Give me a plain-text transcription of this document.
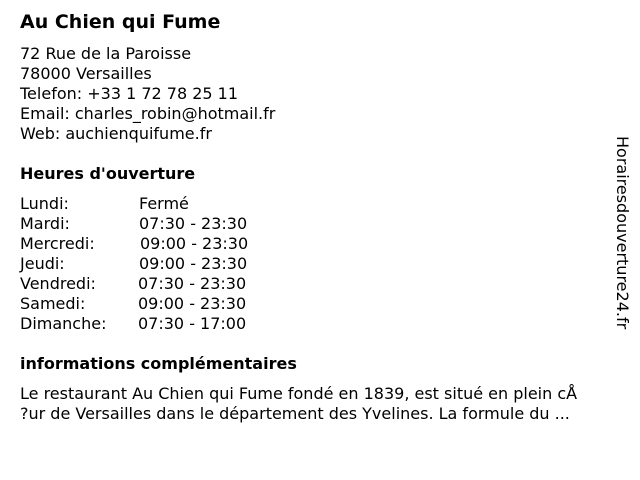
Au Chien qui Fume
72 Rue de la Paroisse
78000 Versailles
Telefon: +33 1 72 78 25 11
Email: charles_robin@hotmail.fr
Web: auchienquifume.fr
Heures d'ouverture
Lundi:	Fermé
Mardi:	07:30 - 23:30
Mercredi:	09:00 - 23:30
Jeudi:	09:00 - 23:30
Vendredi:	07:30 - 23:30
Samedi:	09:00 - 23:30
Dimanche: 07:30 - 17:00
informations complémentaires
Le restaurant Au Chien qui Fume fondé en 1839, est situé en plein cÅ
?ur de Versailles dans le département des Yvelines. La formule du ...
Horairesdouverture24.fr
